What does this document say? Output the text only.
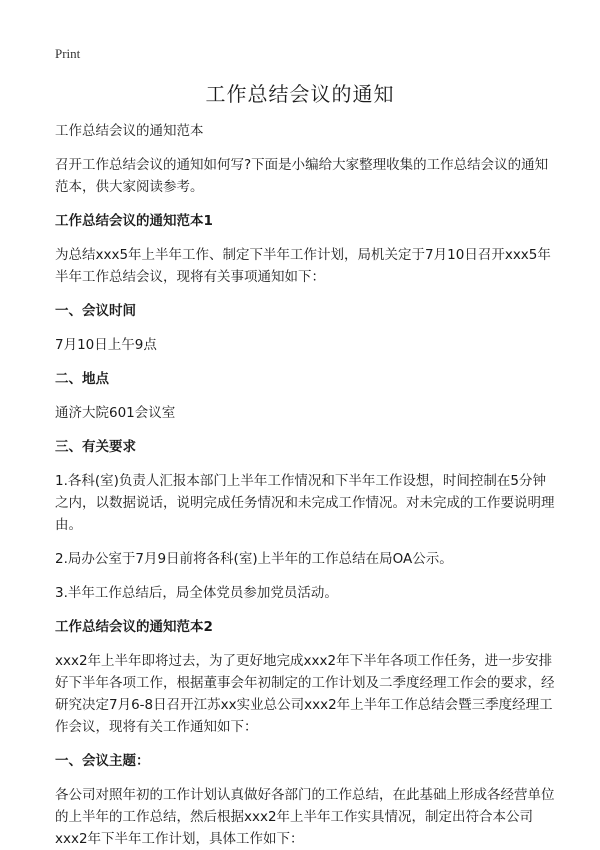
Print
工作总结会议的通知

工作总结会议的通知范本

召开工作总结会议的通知如何写?下面是小编给大家整理收集的工作总结会议的通知范本，供大家阅读参考。

工作总结会议的通知范本1

为总结xxx5年上半年工作、制定下半年工作计划，局机关定于7月10日召开xxx5年半年工作总结会议，现将有关事项通知如下：

一、会议时间

7月10日上午9点

二、地点

通济大院601会议室

三、有关要求

1.各科(室)负责人汇报本部门上半年工作情况和下半年工作设想，时间控制在5分钟之内，以数据说话，说明完成任务情况和未完成工作情况。对未完成的工作要说明理由。

2.局办公室于7月9日前将各科(室)上半年的工作总结在局OA公示。

3.半年工作总结后，局全体党员参加党员活动。

工作总结会议的通知范本2

xxx2年上半年即将过去，为了更好地完成xxx2年下半年各项工作任务，进一步安排好下半年各项工作，根据董事会年初制定的工作计划及二季度经理工作会的要求，经研究决定7月6-8日召开江苏xx实业总公司xxx2年上半年工作总结会暨三季度经理工作会议，现将有关工作通知如下：

一、会议主题：

各公司对照年初的工作计划认真做好各部门的工作总结，在此基础上形成各经营单位的上半年的工作总结，然后根据xxx2年上半年工作实具情况，制定出符合本公司xxx2年下半年工作计划，具体工作如下：
